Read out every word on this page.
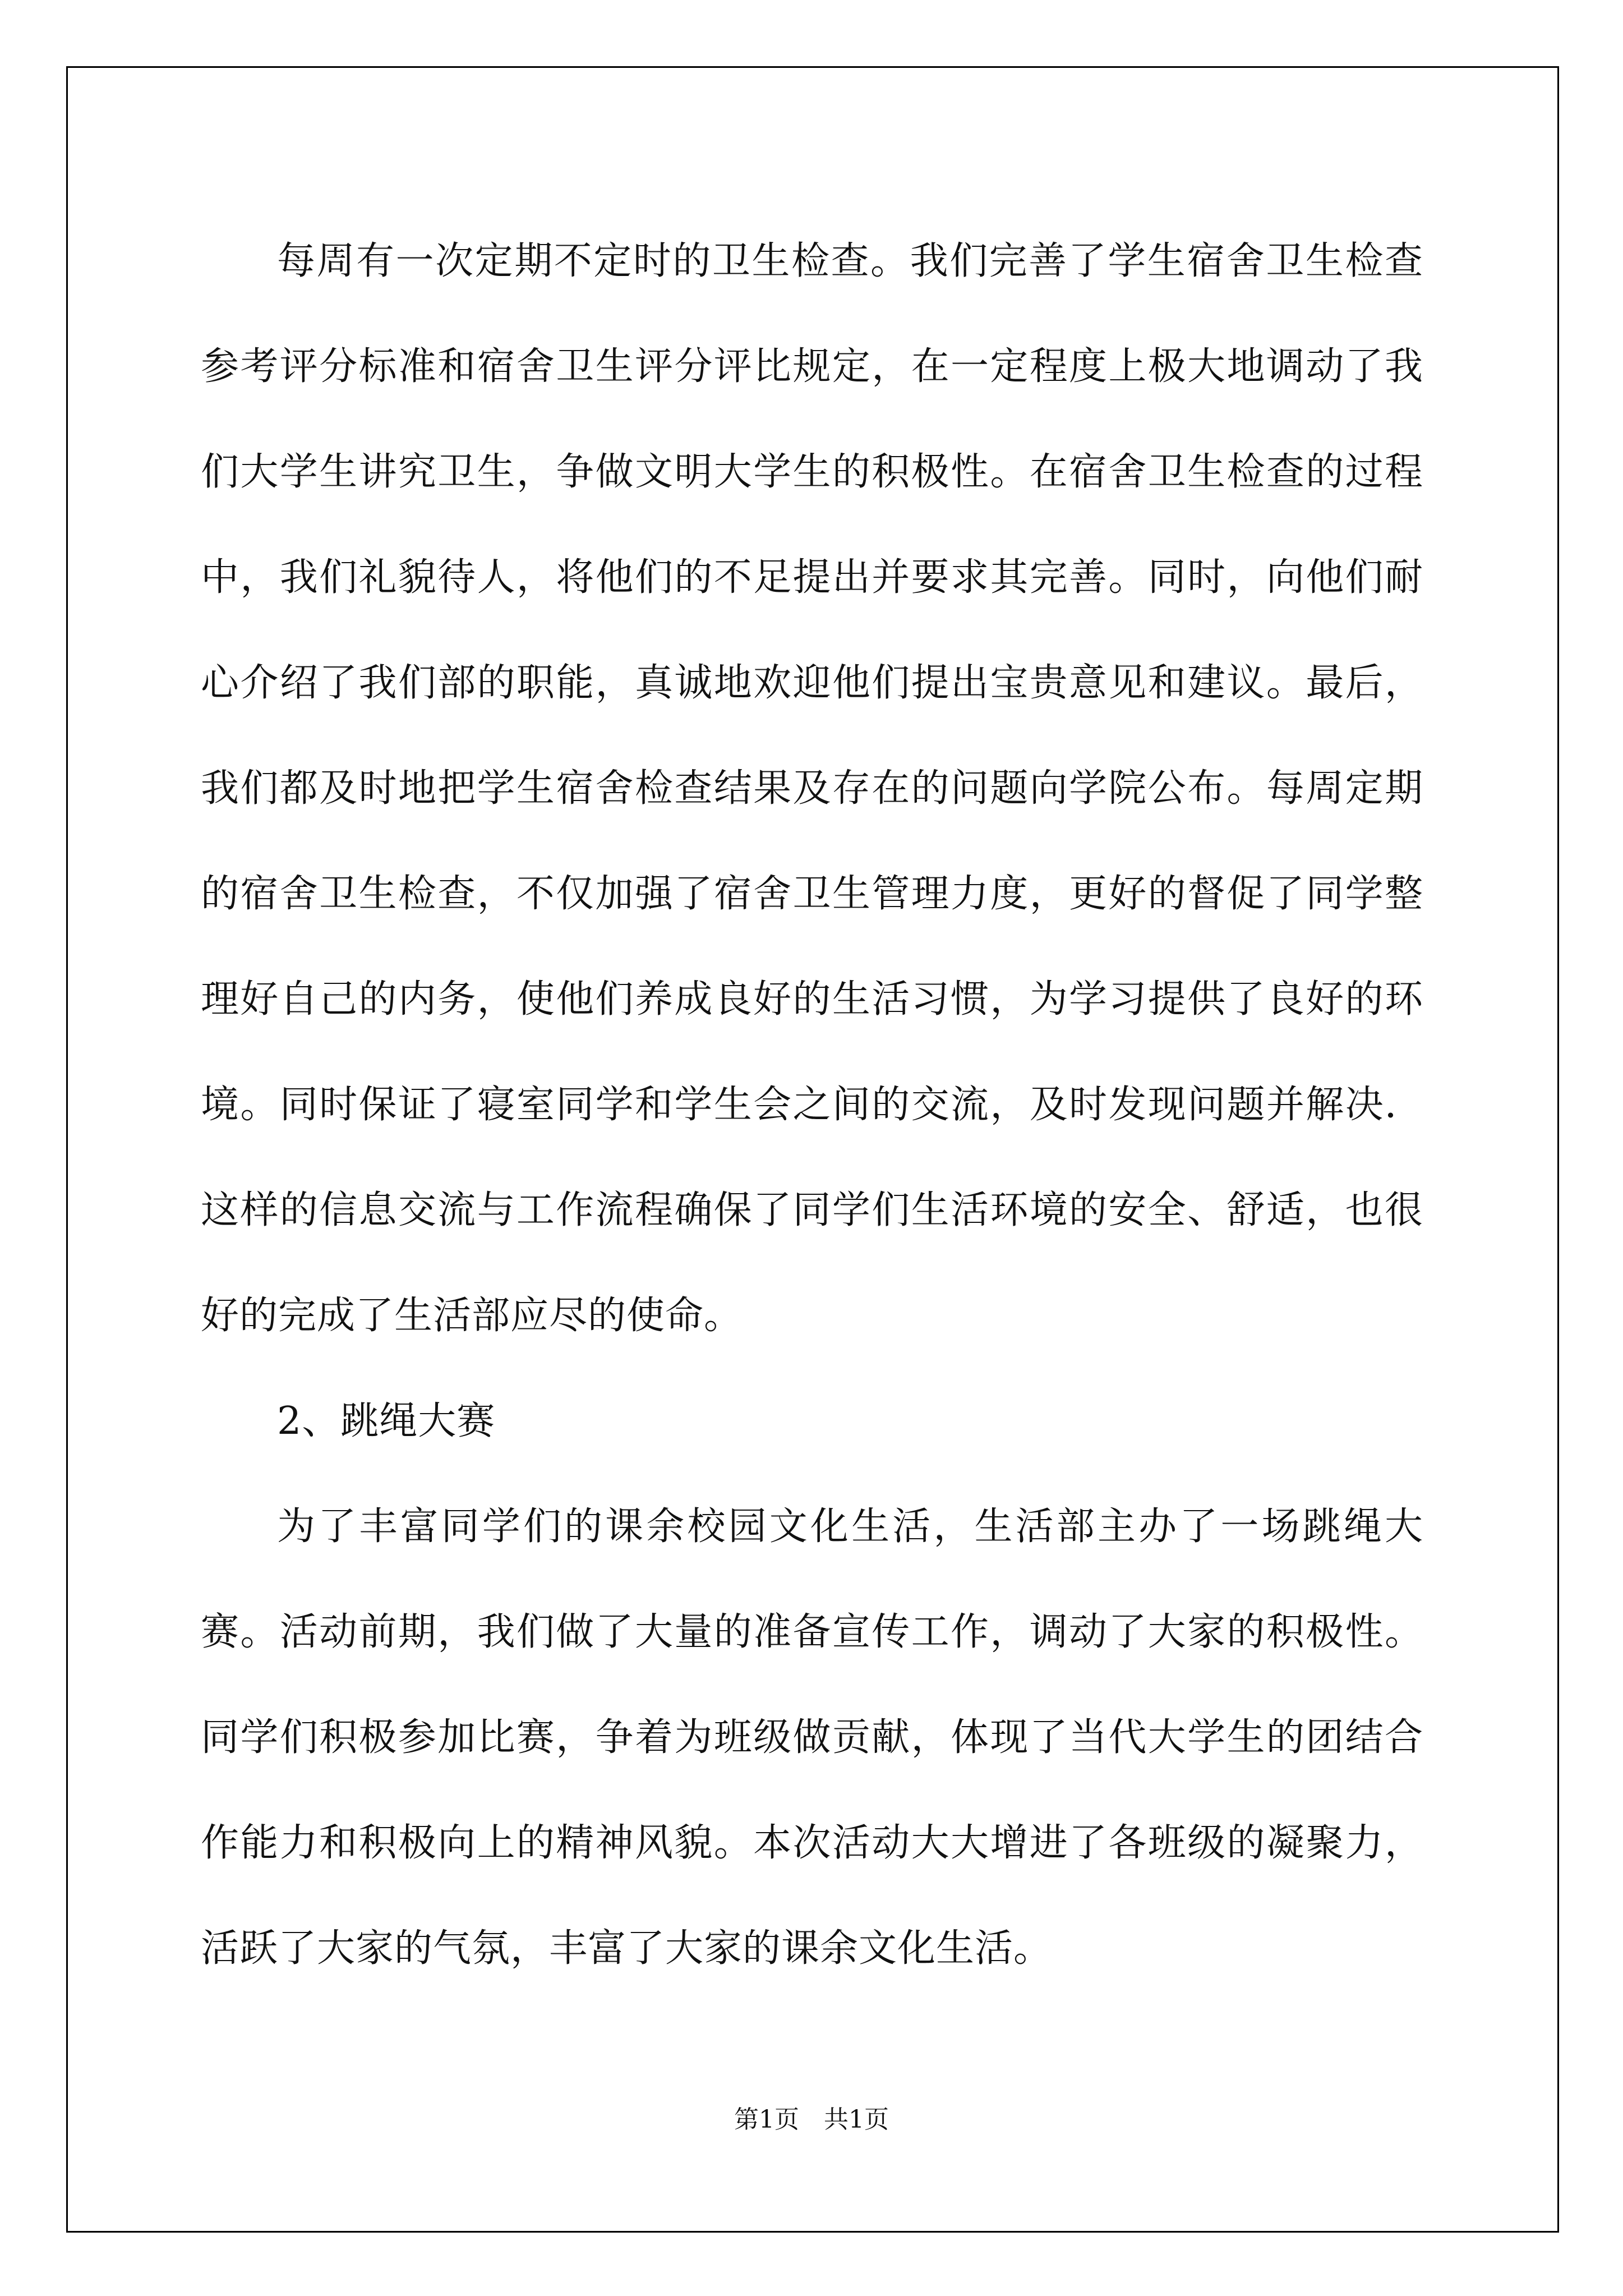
每周有一次定期不定时的卫生检查。我们完善了学生宿舍卫生检查参考评分标准和宿舍卫生评分评比规定，在一定程度上极大地调动了我们大学生讲究卫生，争做文明大学生的积极性。在宿舍卫生检查的过程中，我们礼貌待人，将他们的不足提出并要求其完善。同时，向他们耐心介绍了我们部的职能，真诚地欢迎他们提出宝贵意见和建议。最后，我们都及时地把学生宿舍检查结果及存在的问题向学院公布。每周定期的宿舍卫生检查，不仅加强了宿舍卫生管理力度，更好的督促了同学整理好自己的内务，使他们养成良好的生活习惯，为学习提供了良好的环境。同时保证了寝室同学和学生会之间的交流，及时发现问题并解决．这样的信息交流与工作流程确保了同学们生活环境的安全、舒适，也很好的完成了生活部应尽的使命。

2、跳绳大赛

为了丰富同学们的课余校园文化生活，生活部主办了一场跳绳大赛。活动前期，我们做了大量的准备宣传工作，调动了大家的积极性。同学们积极参加比赛，争着为班级做贡献，体现了当代大学生的团结合作能力和积极向上的精神风貌。本次活动大大增进了各班级的凝聚力，活跃了大家的气氛，丰富了大家的课余文化生活。

第1页　共1页
